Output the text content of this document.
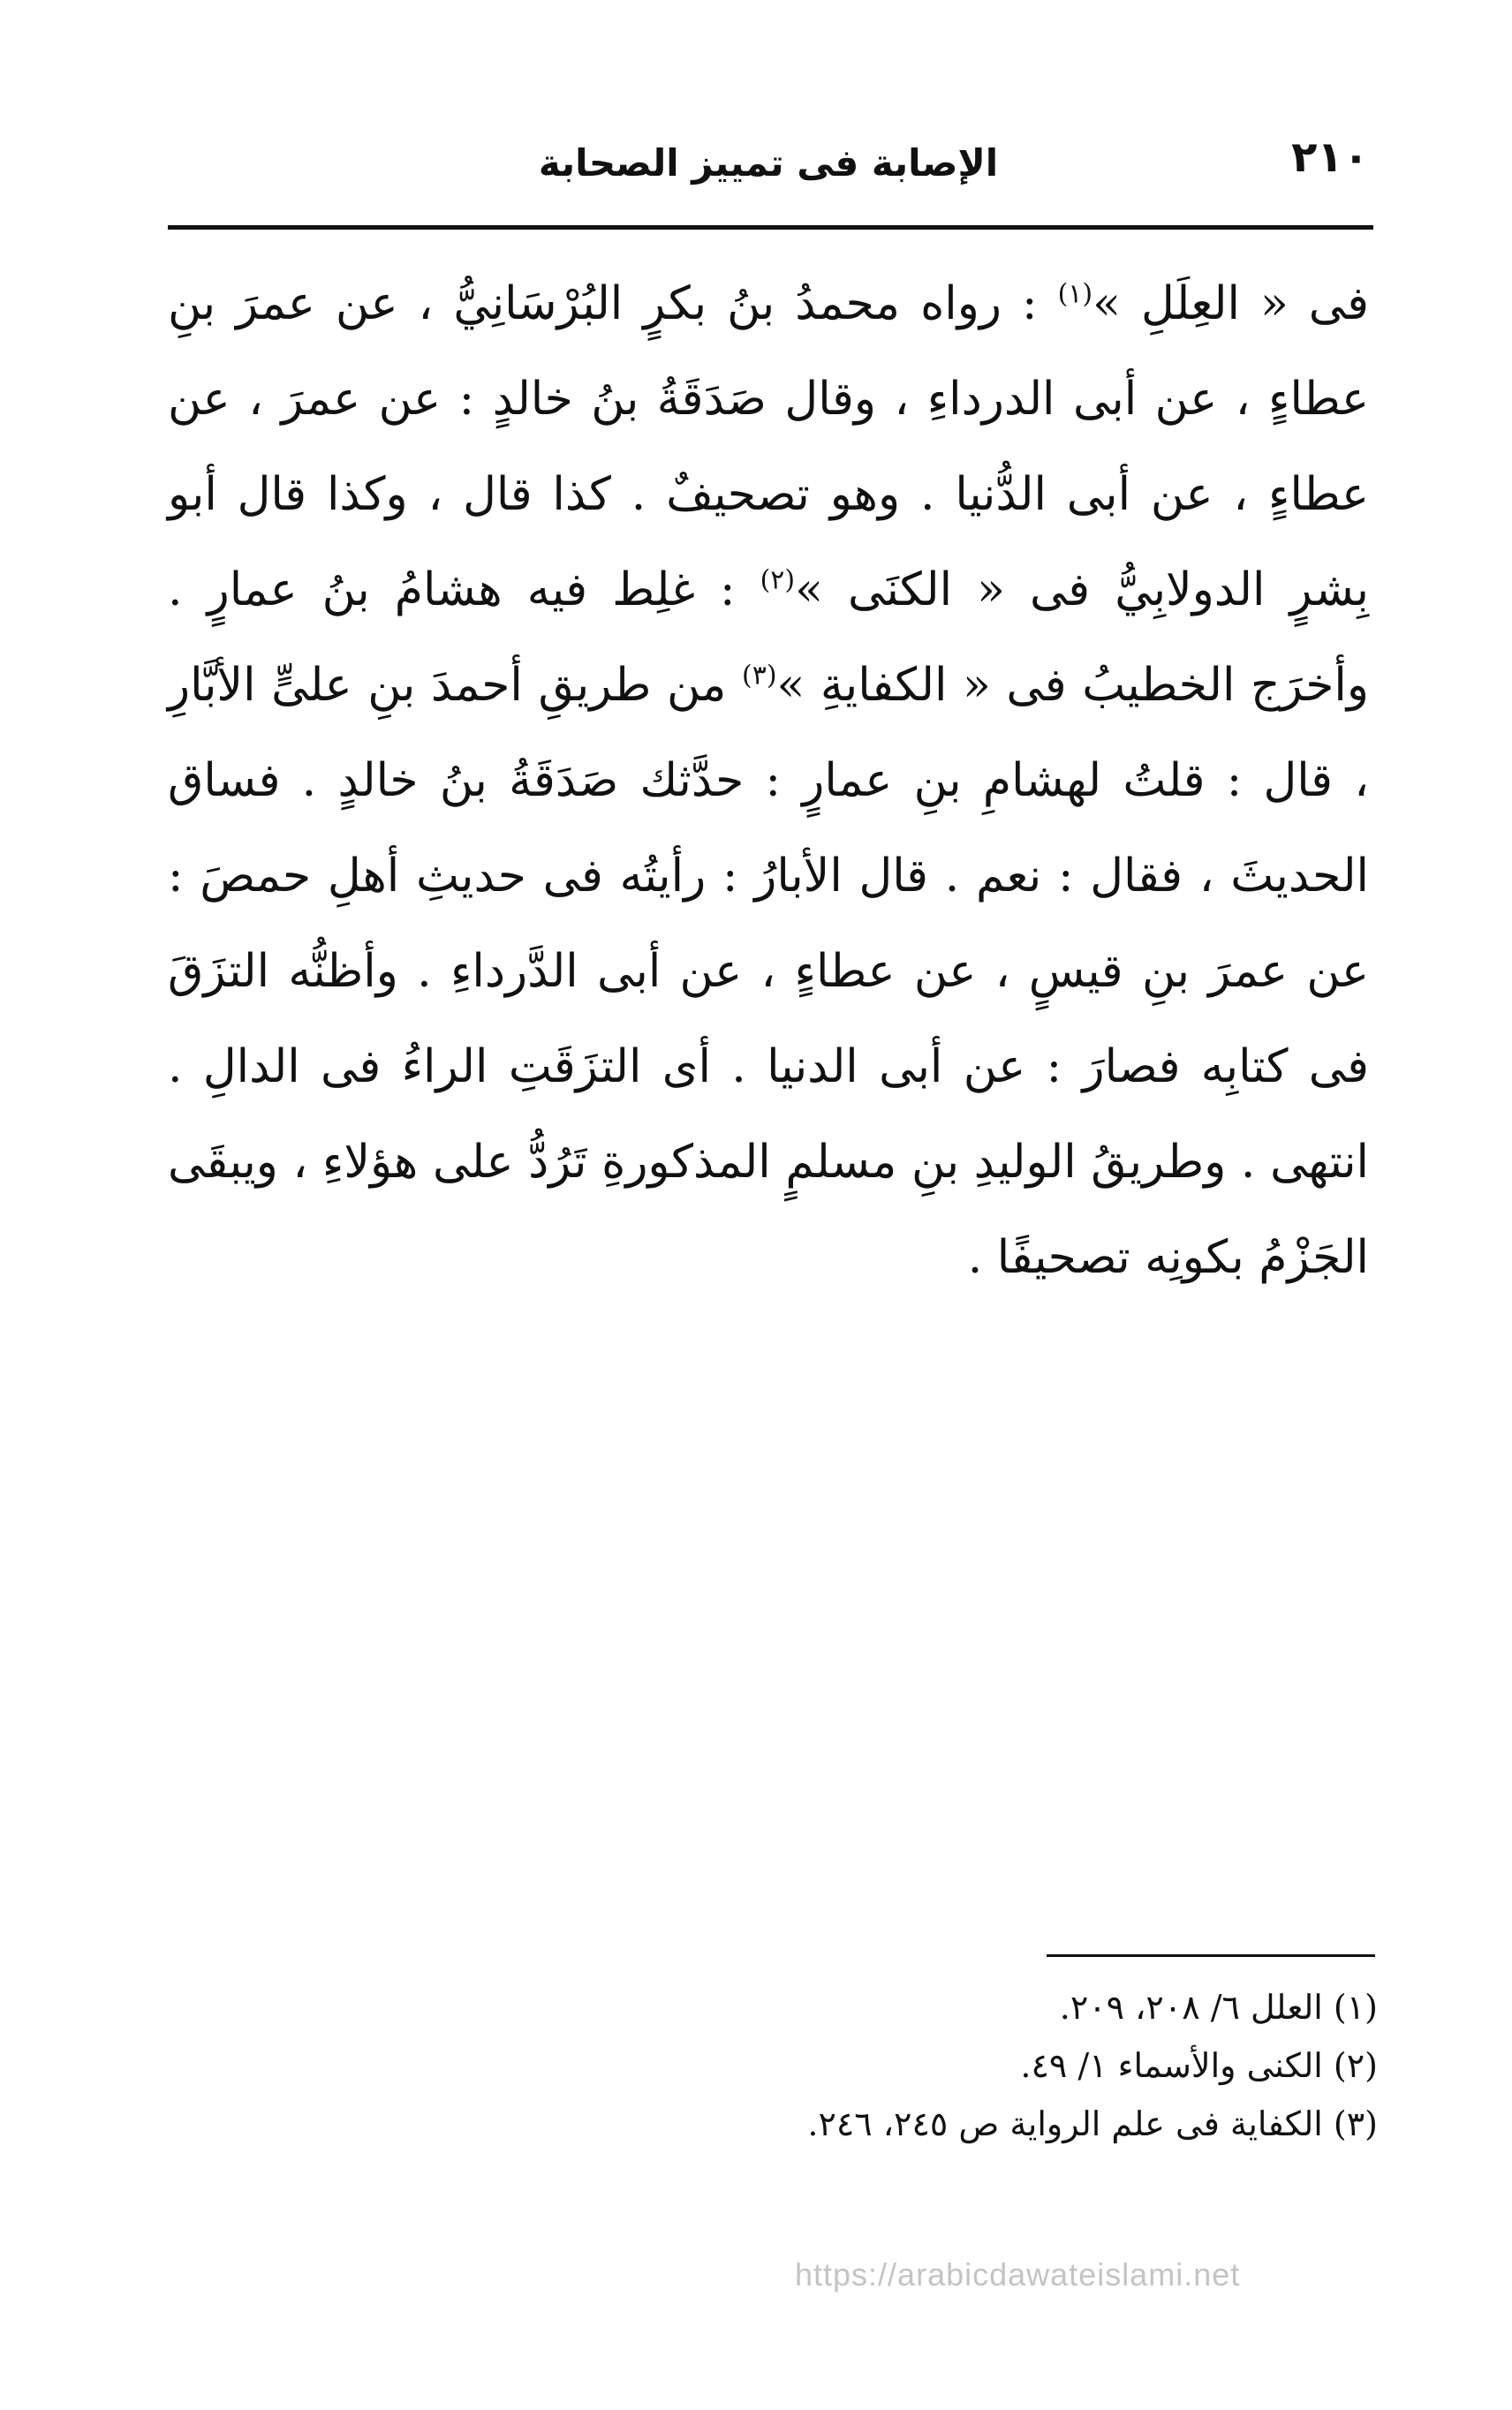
٢١٠
الإصابة فى تمييز الصحابة
فى « العِلَلِ »$^{(١)}$ : رواه محمدُ بنُ بكرٍ البُرْسَانِيُّ ، عن عمرَ بنِ عطاءٍ ، عن أبى الدرداءِ ، وقال صَدَقَةُ بنُ خالدٍ : عن عمرَ ، عن عطاءٍ ، عن أبى الدُّنيا . وهو تصحيفٌ . كذا قال ، وكذا قال أبو بِشرٍ الدولابِيُّ فى « الكنَى »$^{(٢)}$ : غلِط فيه هشامُ بنُ عمارٍ . وأخرَج الخطيبُ فى « الكفايةِ »$^{(٣)}$ من طريقِ أحمدَ بنِ علىٍّ الأبَّارِ ، قال : قلتُ لهشامِ بنِ عمارٍ : حدَّثك صَدَقَةُ بنُ خالدٍ . فساق الحديثَ ، فقال : نعم . قال الأبارُ : رأيتُه فى حديثِ أهلِ حمصَ : عن عمرَ بنِ قيسٍ ، عن عطاءٍ ، عن أبى الدَّرداءِ . وأظنُّه التزَقَ فى كتابِه فصارَ : عن أبى الدنيا . أى التزَقَتِ الراءُ فى الدالِ . انتهى . وطريقُ الوليدِ بنِ مسلمٍ المذكورةِ تَرُدُّ على هؤلاءِ ، ويبقَى الجَزْمُ بكونِه تصحيفًا .
(١) العلل ٦/ ٢٠٨، ٢٠٩.
(٢) الكنى والأسماء ١/ ٤٩.
(٣) الكفاية فى علم الرواية ص ٢٤٥، ٢٤٦.
https://arabicdawateislami.net
